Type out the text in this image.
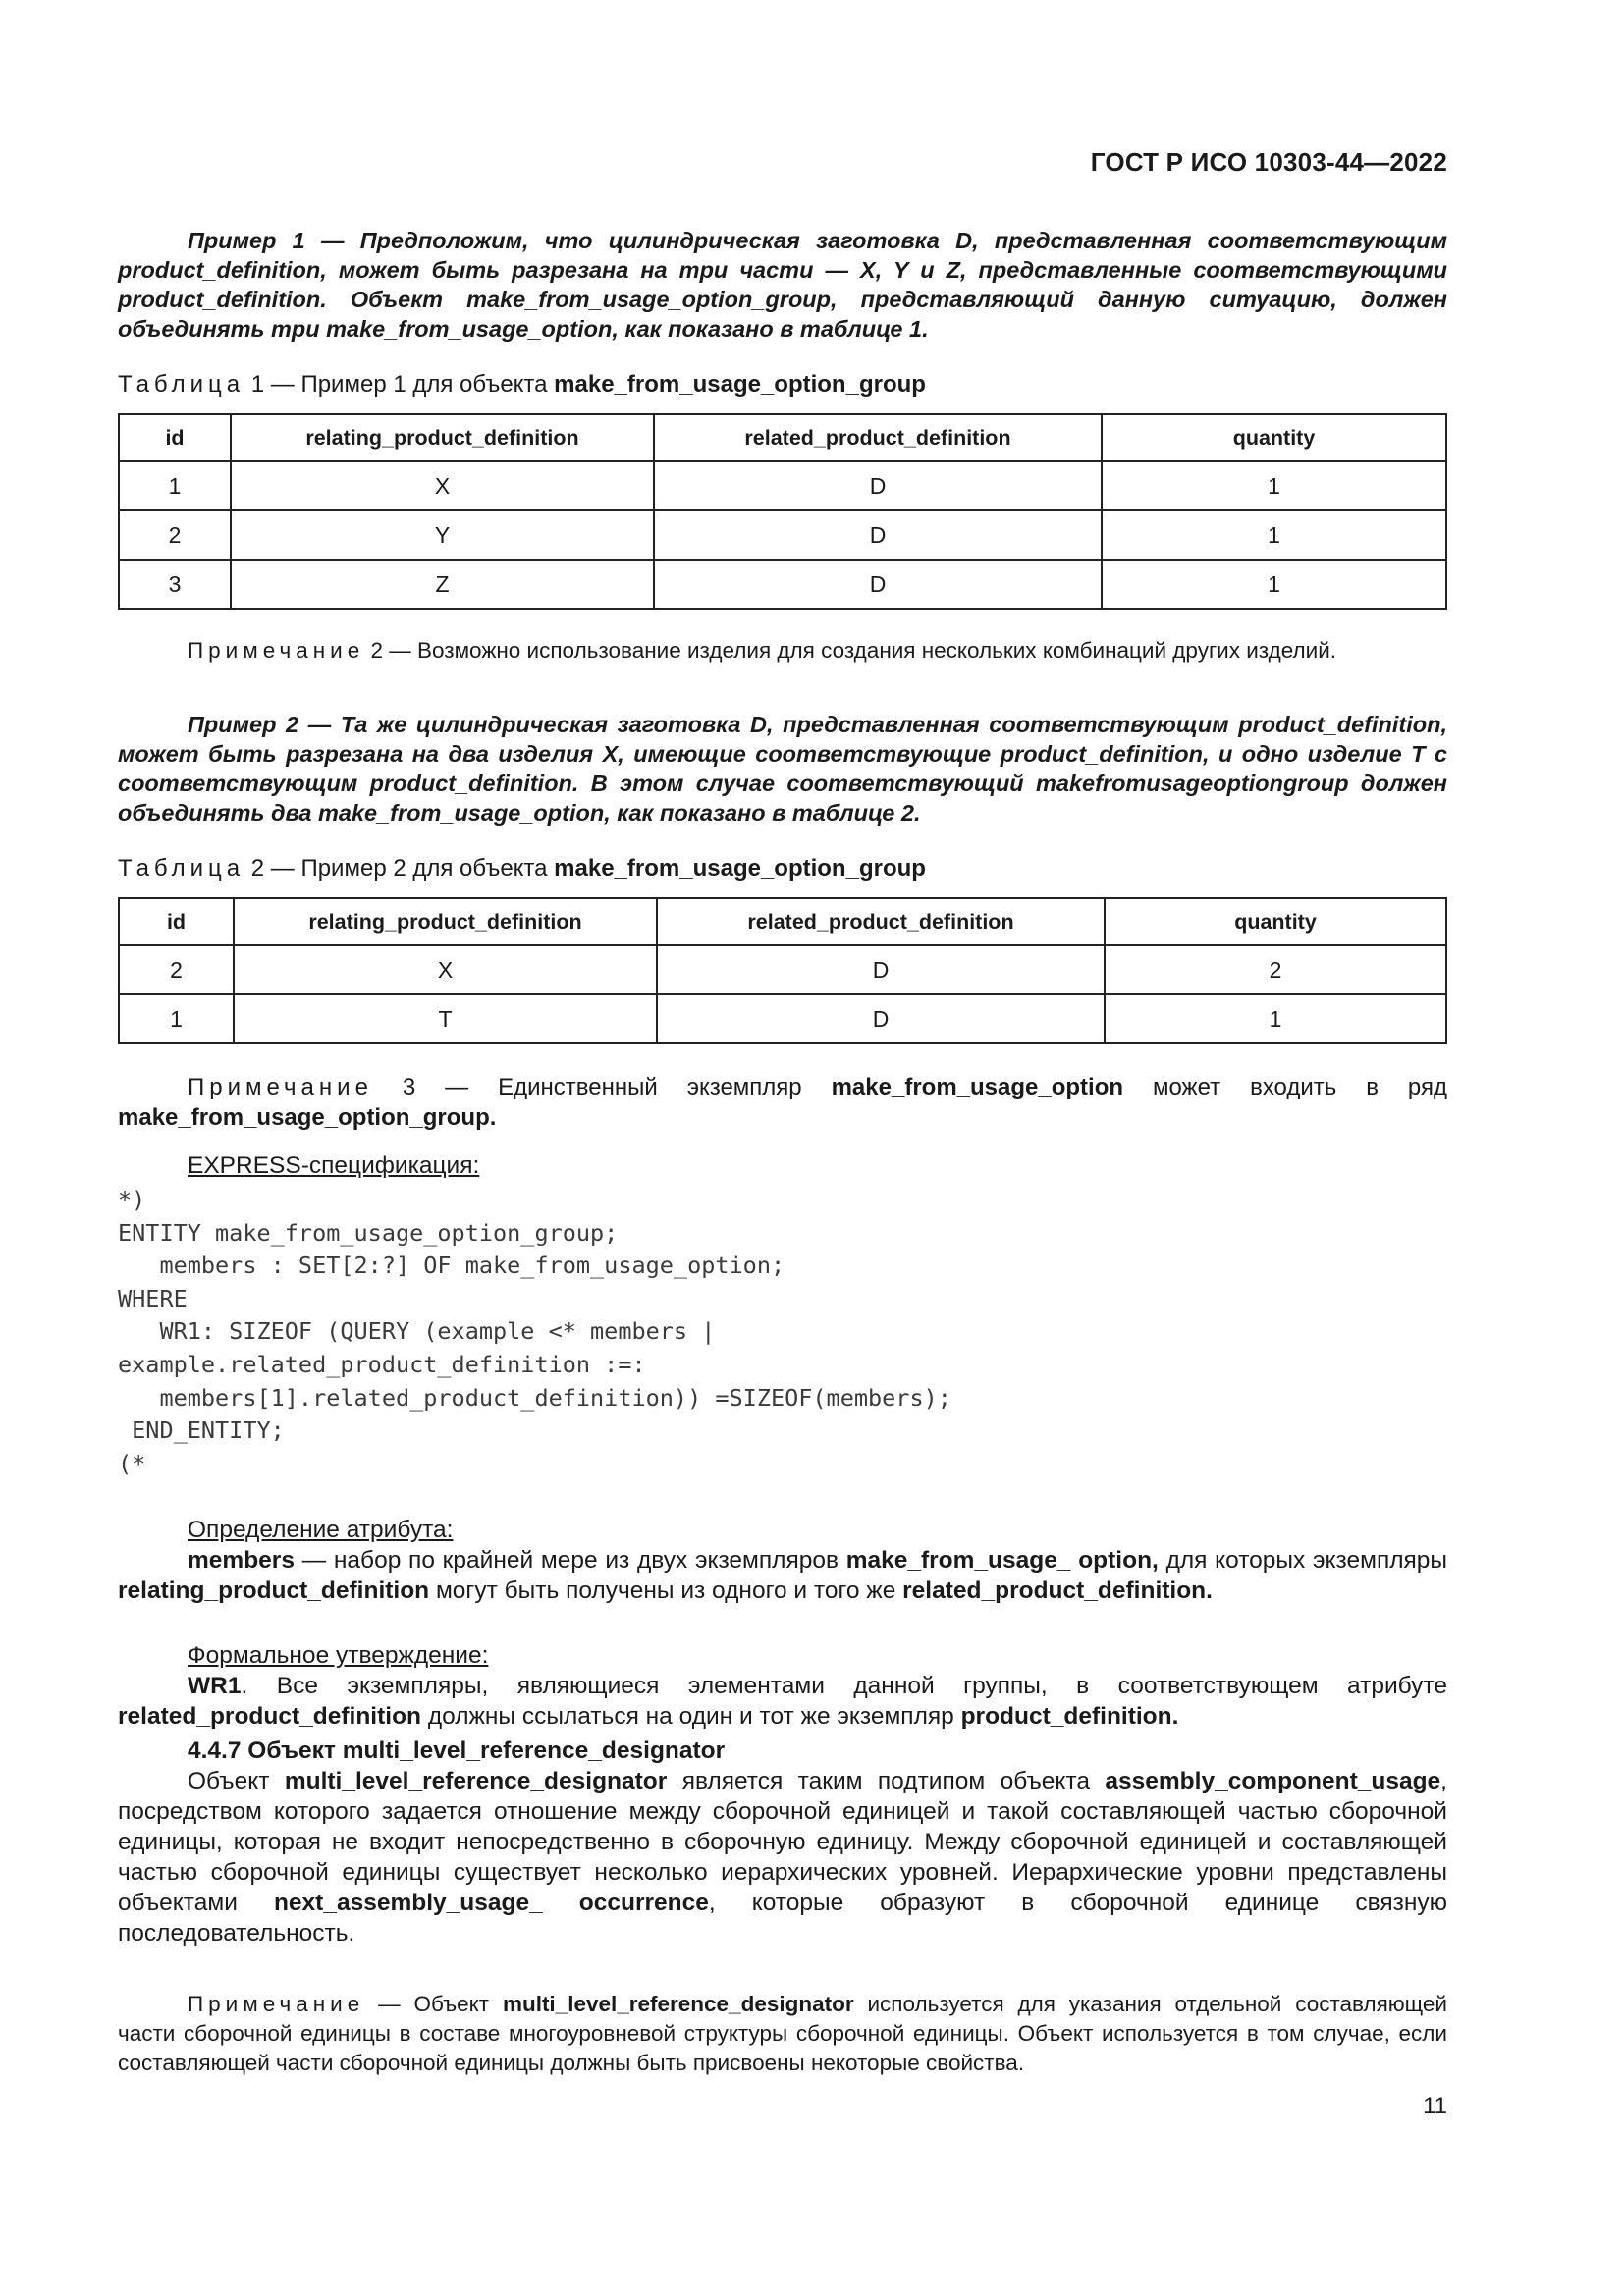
ГОСТ Р ИСО 10303-44—2022

Пример 1 — Предположим, что цилиндрическая заготовка D, представленная соответствующим product_definition, может быть разрезана на три части — X, Y и Z, представленные соответствующими product_definition. Объект make_from_usage_option_group, представляющий данную ситуацию, должен объединять три make_from_usage_option, как показано в таблице 1.

Таблица 1 — Пример 1 для объекта make_from_usage_option_group

id	relating_product_definition	related_product_definition	quantity
1	X	D	1
2	Y	D	1
3	Z	D	1

Примечание 2 — Возможно использование изделия для создания нескольких комбинаций других изделий.

Пример 2 — Та же цилиндрическая заготовка D, представленная соответствующим product_definition, может быть разрезана на два изделия X, имеющие соответствующие product_definition, и одно изделие T с соответствующим product_definition. В этом случае соответствующий makefromusageoptiongroup должен объединять два make_from_usage_option, как показано в таблице 2.

Таблица 2 — Пример 2 для объекта make_from_usage_option_group

id	relating_product_definition	related_product_definition	quantity
2	X	D	2
1	T	D	1

Примечание 3 — Единственный экземпляр make_from_usage_option может входить в ряд make_from_usage_option_group.

EXPRESS-спецификация:

*)
ENTITY make_from_usage_option_group;
members : SET[2:?] OF make_from_usage_option;
WHERE
WR1: SIZEOF (QUERY (example <* members |
example.related_product_definition :=:
members[1].related_product_definition)) =SIZEOF(members);
END_ENTITY;
(*

Определение атрибута:

members — набор по крайней мере из двух экземпляров make_from_usage_ option, для которых экземпляры relating_product_definition могут быть получены из одного и того же related_product_definition.

Формальное утверждение:

WR1. Все экземпляры, являющиеся элементами данной группы, в соответствующем атрибуте related_product_definition должны ссылаться на один и тот же экземпляр product_definition.

4.4.7 Объект multi_level_reference_designator

Объект multi_level_reference_designator является таким подтипом объекта assembly_component_usage, посредством которого задается отношение между сборочной единицей и такой составляющей частью сборочной единицы, которая не входит непосредственно в сборочную единицу. Между сборочной единицей и составляющей частью сборочной единицы существует несколько иерархических уровней. Иерархические уровни представлены объектами next_assembly_usage_ occurrence, которые образуют в сборочной единице связную последовательность.

Примечание — Объект multi_level_reference_designator используется для указания отдельной составляющей части сборочной единицы в составе многоуровневой структуры сборочной единицы. Объект используется в том случае, если составляющей части сборочной единицы должны быть присвоены некоторые свойства.

11
